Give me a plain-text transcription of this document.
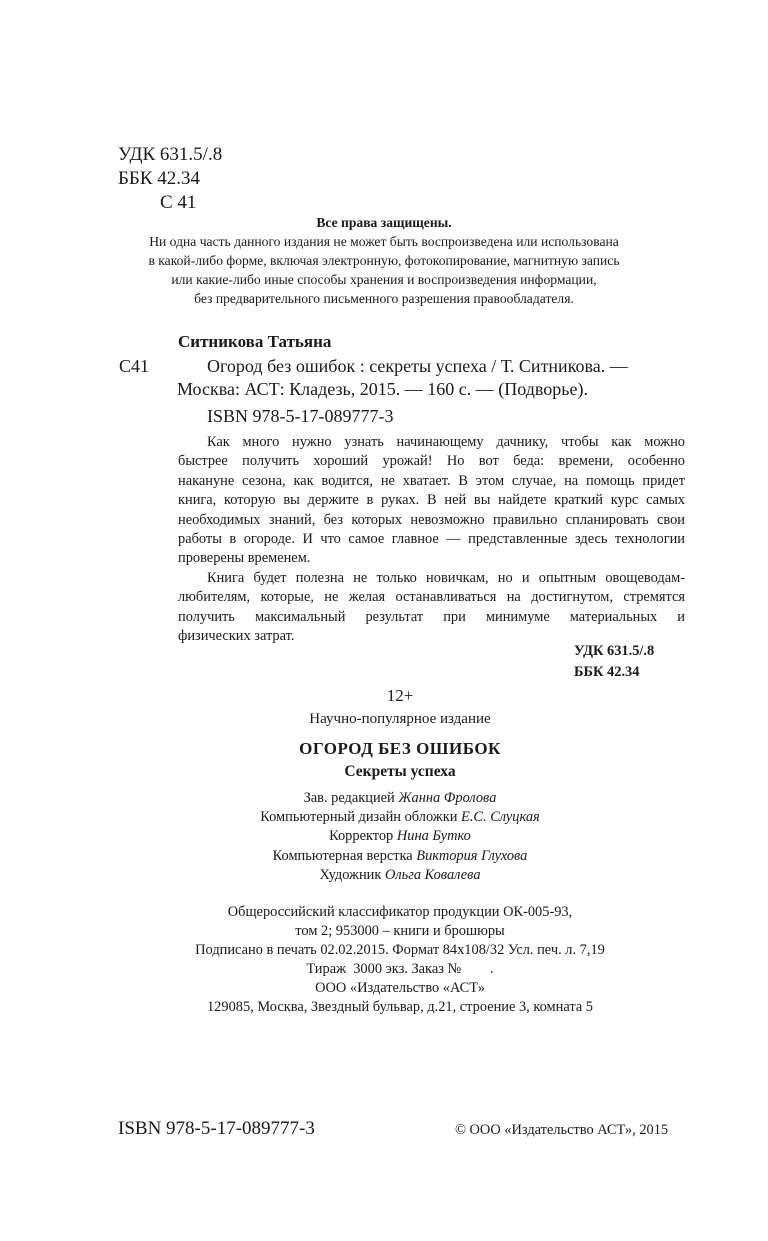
УДК 631.5/.8
ББК 42.34
С 41
Все права защищены.
Ни одна часть данного издания не может быть воспроизведена или использована
в какой-либо форме, включая электронную, фотокопирование, магнитную запись
или какие-либо иные способы хранения и воспроизведения информации,
без предварительного письменного разрешения правообладателя.
Ситникова Татьяна
С41	Огород без ошибок : секреты успеха / Т. Ситникова. —
Москва: АСТ: Кладезь, 2015. — 160 с. — (Подворье).
ISBN 978-5-17-089777-3
Как много нужно узнать начинающему дачнику, чтобы как можно
быстрее получить хороший урожай! Но вот беда: времени, особенно
накануне сезона, как водится, не хватает. В этом случае, на помощь придет
книга, которую вы держите в руках. В ней вы найдете краткий курс самых
необходимых знаний, без которых невозможно правильно спланировать свои
работы в огороде. И что самое главное — представленные здесь технологии
проверены временем.
Книга будет полезна не только новичкам, но и опытным овощеводам-
любителям, которые, не желая останавливаться на достигнутом, стремятся
получить максимальный результат при минимуме материальных и
физических затрат.
УДК 631.5/.8
ББК 42.34
12+
Научно-популярное издание
ОГОРОД БЕЗ ОШИБОК
Секреты успеха
Зав. редакцией Жанна Фролова
Компьютерный дизайн обложки Е.С. Слуцкая
Корректор Нина Бутко
Компьютерная верстка Виктория Глухова
Художник Ольга Ковалева
Общероссийский классификатор продукции ОК-005-93,
том 2; 953000 – книги и брошюры
Подписано в печать 02.02.2015. Формат 84x108/32 Усл. печ. л. 7,19
Тираж  3000 экз. Заказ №        .
ООО «Издательство «АСТ»
129085, Москва, Звездный бульвар, д.21, строение 3, комната 5
ISBN 978-5-17-089777-3	© ООО «Издательство АСТ», 2015
